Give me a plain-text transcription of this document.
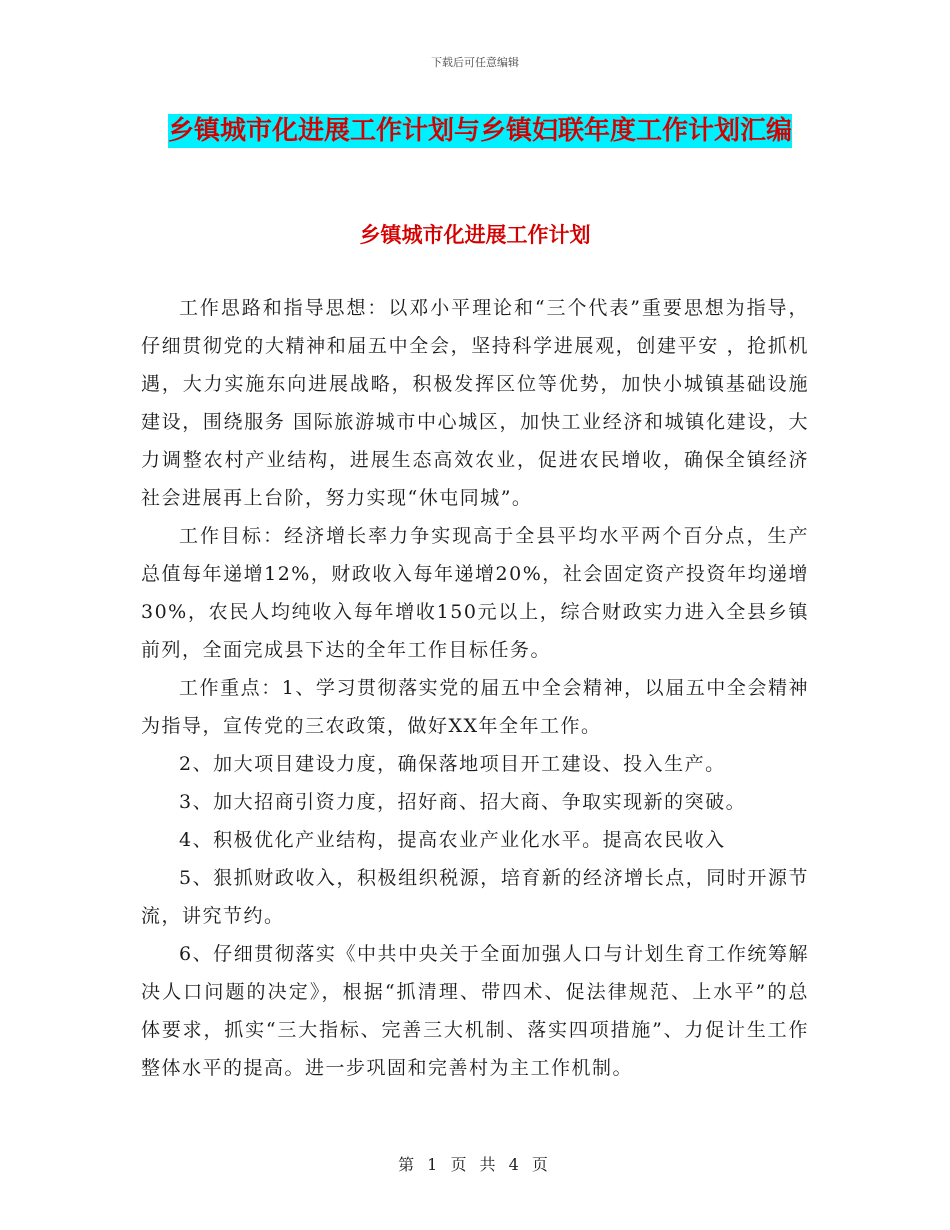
下载后可任意编辑
乡镇城市化进展工作计划与乡镇妇联年度工作计划汇编
乡镇城市化进展工作计划

工作思路和指导思想：以邓小平理论和“三个代表”重要思想为指导，仔细贯彻党的大精神和届五中全会，坚持科学进展观，创建平安 ，抢抓机遇，大力实施东向进展战略，积极发挥区位等优势，加快小城镇基础设施建设，围绕服务 国际旅游城市中心城区，加快工业经济和城镇化建设，大力调整农村产业结构，进展生态高效农业，促进农民增收，确保全镇经济社会进展再上台阶，努力实现“休屯同城”。

工作目标：经济增长率力争实现高于全县平均水平两个百分点，生产总值每年递增12%，财政收入每年递增20%，社会固定资产投资年均递增30%，农民人均纯收入每年增收150元以上，综合财政实力进入全县乡镇前列，全面完成县下达的全年工作目标任务。

工作重点：1、学习贯彻落实党的届五中全会精神，以届五中全会精神为指导，宣传党的三农政策，做好XX年全年工作。

2、加大项目建设力度，确保落地项目开工建设、投入生产。

3、加大招商引资力度，招好商、招大商、争取实现新的突破。

4、积极优化产业结构，提高农业产业化水平。提高农民收入

5、狠抓财政收入，积极组织税源，培育新的经济增长点，同时开源节流，讲究节约。

6、仔细贯彻落实《中共中央关于全面加强人口与计划生育工作统筹解决人口问题的决定》，根据“抓清理、带四术、促法律规范、上水平”的总体要求，抓实“三大指标、完善三大机制、落实四项措施”、力促计生工作整体水平的提高。进一步巩固和完善村为主工作机制。

第 1 页 共 4 页
